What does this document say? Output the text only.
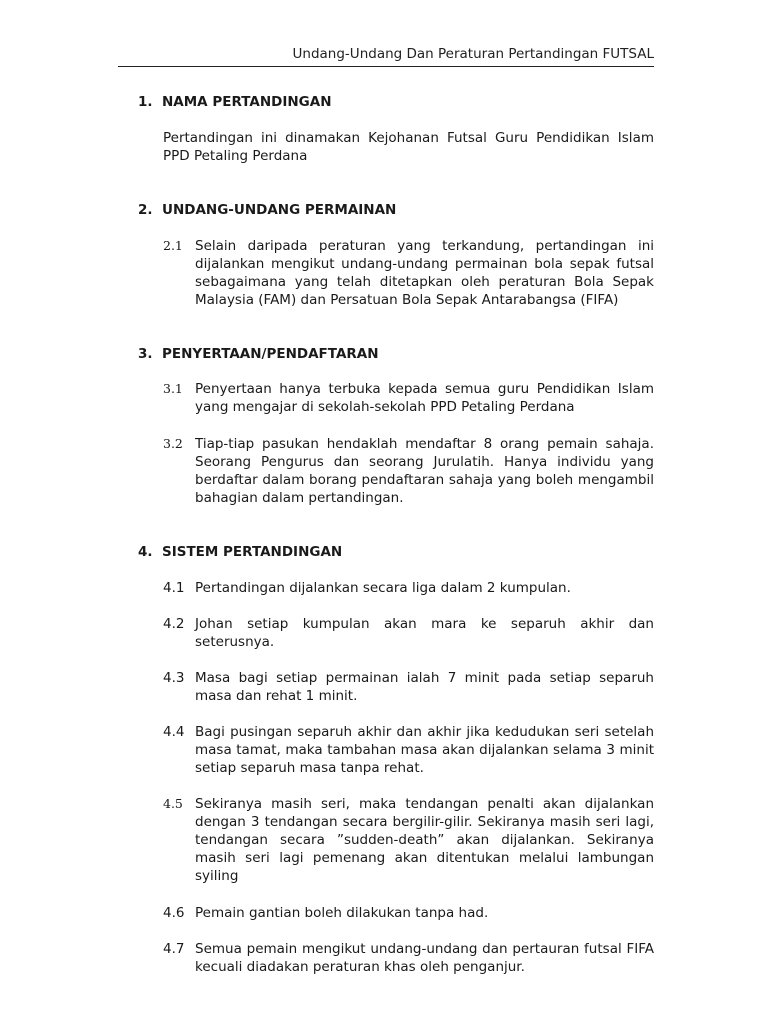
Undang-Undang Dan Peraturan Pertandingan FUTSAL
1. NAMA PERTANDINGAN
Pertandingan ini dinamakan Kejohanan Futsal Guru Pendidikan Islam PPD Petaling Perdana
2. UNDANG-UNDANG PERMAINAN
2.1 Selain daripada peraturan yang terkandung, pertandingan ini dijalankan mengikut undang-undang permainan bola sepak futsal sebagaimana yang telah ditetapkan oleh peraturan Bola Sepak Malaysia (FAM) dan Persatuan Bola Sepak Antarabangsa (FIFA)
3. PENYERTAAN/PENDAFTARAN
3.1 Penyertaan hanya terbuka kepada semua guru Pendidikan Islam yang mengajar di sekolah-sekolah PPD Petaling Perdana
3.2 Tiap-tiap pasukan hendaklah mendaftar 8 orang pemain sahaja. Seorang Pengurus dan seorang Jurulatih. Hanya individu yang berdaftar dalam borang pendaftaran sahaja yang boleh mengambil bahagian dalam pertandingan.
4. SISTEM PERTANDINGAN
4.1 Pertandingan dijalankan secara liga dalam 2 kumpulan.
4.2 Johan setiap kumpulan akan mara ke separuh akhir dan seterusnya.
4.3 Masa bagi setiap permainan ialah 7 minit pada setiap separuh masa dan rehat 1 minit.
4.4 Bagi pusingan separuh akhir dan akhir jika kedudukan seri setelah masa tamat, maka tambahan masa akan dijalankan selama 3 minit setiap separuh masa tanpa rehat.
4.5 Sekiranya masih seri, maka tendangan penalti akan dijalankan dengan 3 tendangan secara bergilir-gilir. Sekiranya masih seri lagi, tendangan secara ”sudden-death” akan dijalankan. Sekiranya masih seri lagi pemenang akan ditentukan melalui lambungan syiling
4.6 Pemain gantian boleh dilakukan tanpa had.
4.7 Semua pemain mengikut undang-undang dan pertauran futsal FIFA kecuali diadakan peraturan khas oleh penganjur.
